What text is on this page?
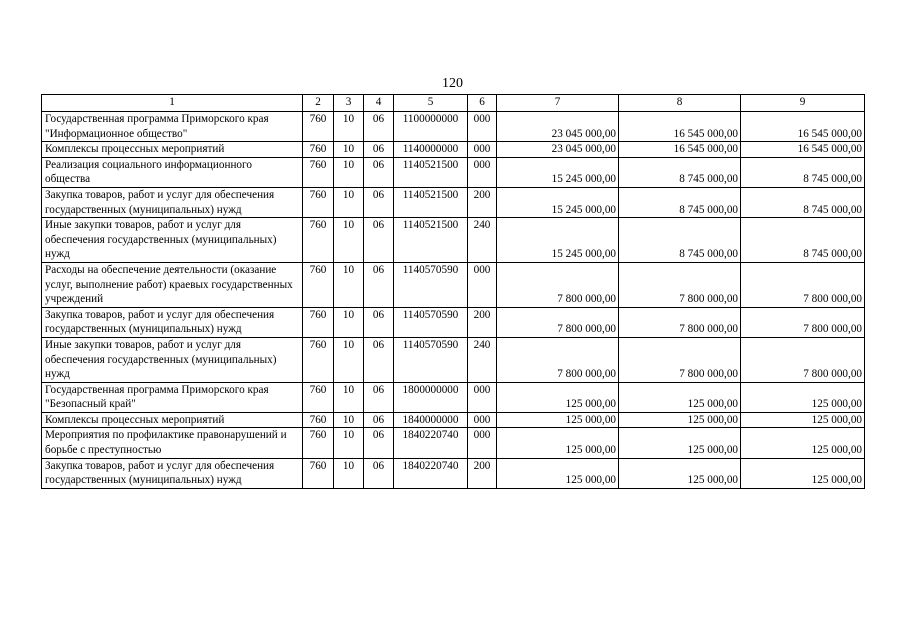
120
1	2	3	4	5	6	7	8	9
Государственная программа Приморского края "Информационное общество"	760	10	06	1100000000	000	23 045 000,00	16 545 000,00	16 545 000,00
Комплексы процессных мероприятий	760	10	06	1140000000	000	23 045 000,00	16 545 000,00	16 545 000,00
Реализация социального информационного общества	760	10	06	1140521500	000	15 245 000,00	8 745 000,00	8 745 000,00
Закупка товаров, работ и услуг для обеспечения государственных (муниципальных) нужд	760	10	06	1140521500	200	15 245 000,00	8 745 000,00	8 745 000,00
Иные закупки товаров, работ и услуг для обеспечения государственных (муниципальных) нужд	760	10	06	1140521500	240	15 245 000,00	8 745 000,00	8 745 000,00
Расходы на обеспечение деятельности (оказание услуг, выполнение работ) краевых государственных учреждений	760	10	06	1140570590	000	7 800 000,00	7 800 000,00	7 800 000,00
Закупка товаров, работ и услуг для обеспечения государственных (муниципальных) нужд	760	10	06	1140570590	200	7 800 000,00	7 800 000,00	7 800 000,00
Иные закупки товаров, работ и услуг для обеспечения государственных (муниципальных) нужд	760	10	06	1140570590	240	7 800 000,00	7 800 000,00	7 800 000,00
Государственная программа Приморского края "Безопасный край"	760	10	06	1800000000	000	125 000,00	125 000,00	125 000,00
Комплексы процессных мероприятий	760	10	06	1840000000	000	125 000,00	125 000,00	125 000,00
Мероприятия по профилактике правонарушений и борьбе с преступностью	760	10	06	1840220740	000	125 000,00	125 000,00	125 000,00
Закупка товаров, работ и услуг для обеспечения государственных (муниципальных) нужд	760	10	06	1840220740	200	125 000,00	125 000,00	125 000,00
